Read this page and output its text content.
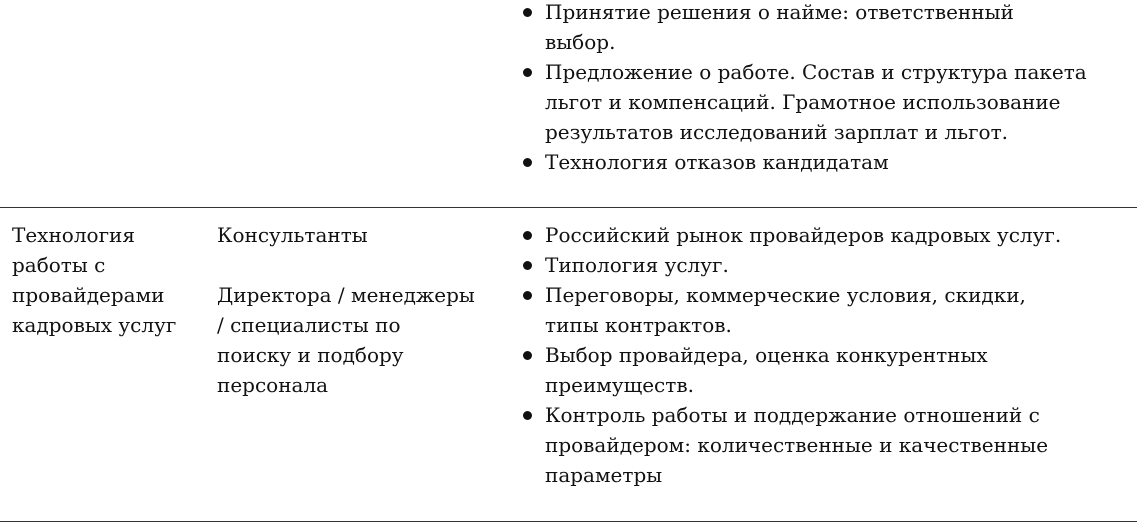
Принятие решения о найме: ответственный
выбор.
Предложение о работе. Состав и структура пакета
льгот и компенсаций. Грамотное использование
результатов исследований зарплат и льгот.
Технология отказов кандидатам
Технология
работы с
провайдерами
кадровых услуг
Консультанты
Директора / менеджеры
/ специалисты по
поиску и подбору
персонала
Российский рынок провайдеров кадровых услуг.
Типология услуг.
Переговоры, коммерческие условия, скидки,
типы контрактов.
Выбор провайдера, оценка конкурентных
преимуществ.
Контроль работы и поддержание отношений с
провайдером: количественные и качественные
параметры
